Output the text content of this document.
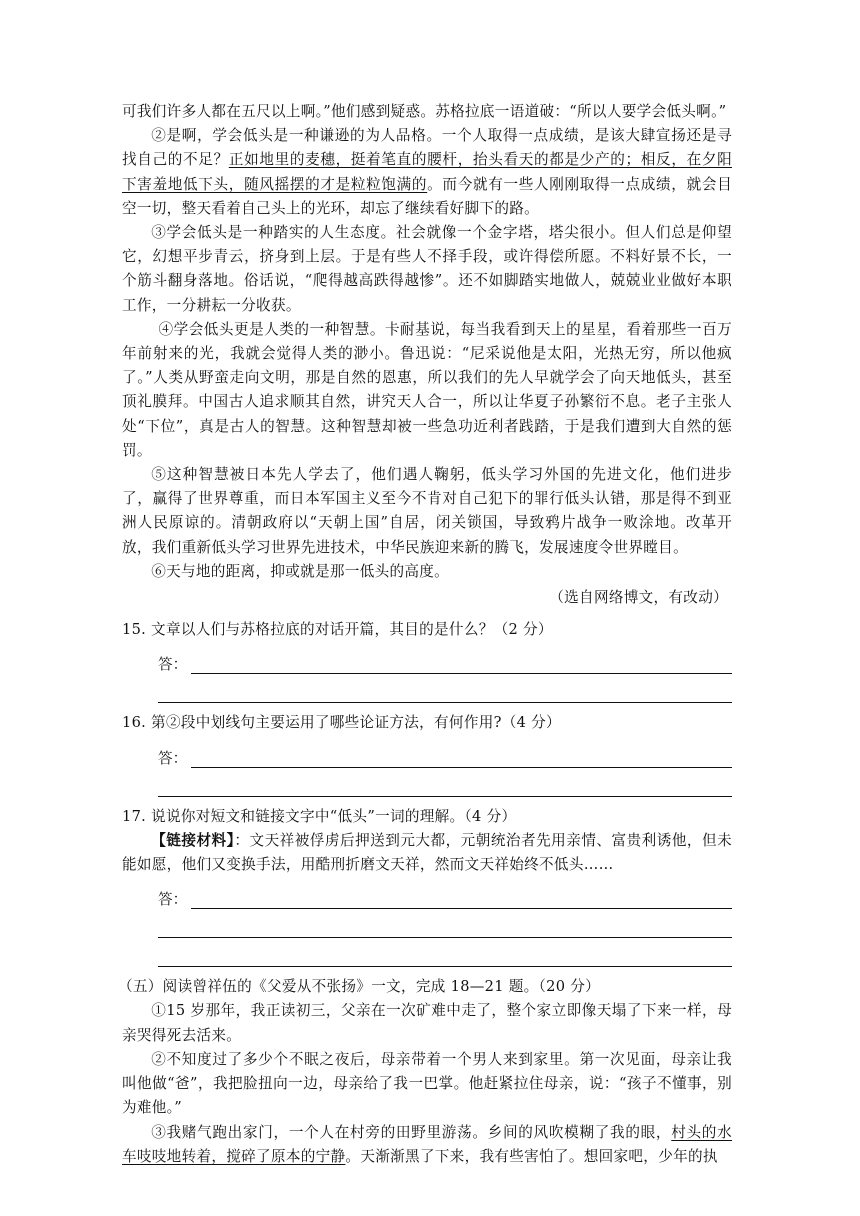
可我们许多人都在五尺以上啊。”他们感到疑惑。苏格拉底一语道破：“所以人要学会低头啊。”

②是啊，学会低头是一种谦逊的为人品格。一个人取得一点成绩，是该大肆宣扬还是寻找自己的不足？正如地里的麦穗，挺着笔直的腰杆，抬头看天的都是少产的；相反，在夕阳下害羞地低下头，随风摇摆的才是粒粒饱满的。而今就有一些人刚刚取得一点成绩，就会目空一切，整天看着自己头上的光环，却忘了继续看好脚下的路。

③学会低头是一种踏实的人生态度。社会就像一个金字塔，塔尖很小。但人们总是仰望它，幻想平步青云，挤身到上层。于是有些人不择手段，或许得偿所愿。不料好景不长，一个筋斗翻身落地。俗话说，“爬得越高跌得越惨”。还不如脚踏实地做人，兢兢业业做好本职工作，一分耕耘一分收获。

④学会低头更是人类的一种智慧。卡耐基说，每当我看到天上的星星，看着那些一百万年前射来的光，我就会觉得人类的渺小。鲁迅说：“尼采说他是太阳，光热无穷，所以他疯了。”人类从野蛮走向文明，那是自然的恩惠，所以我们的先人早就学会了向天地低头，甚至顶礼膜拜。中国古人追求顺其自然，讲究天人合一，所以让华夏子孙繁衍不息。老子主张人处“下位”，真是古人的智慧。这种智慧却被一些急功近利者践踏，于是我们遭到大自然的惩罚。

⑤这种智慧被日本先人学去了，他们遇人鞠躬，低头学习外国的先进文化，他们进步了，赢得了世界尊重，而日本军国主义至今不肯对自己犯下的罪行低头认错，那是得不到亚洲人民原谅的。清朝政府以“天朝上国”自居，闭关锁国，导致鸦片战争一败涂地。改革开放，我们重新低头学习世界先进技术，中华民族迎来新的腾飞，发展速度令世界瞠目。

⑥天与地的距离，抑或就是那一低头的高度。

（选自网络博文，有改动）

15. 文章以人们与苏格拉底的对话开篇，其目的是什么？（2 分）

答：

16. 第②段中划线句主要运用了哪些论证方法，有何作用?（4 分）

答：

17. 说说你对短文和链接文字中“低头”一词的理解。（4 分）

【链接材料】：文天祥被俘虏后押送到元大都，元朝统治者先用亲情、富贵利诱他，但未能如愿，他们又变换手法，用酷刑折磨文天祥，然而文天祥始终不低头……

答：

（五）阅读曾祥伍的《父爱从不张扬》一文，完成 18—21 题。（20 分）

①15 岁那年，我正读初三，父亲在一次矿难中走了，整个家立即像天塌了下来一样，母亲哭得死去活来。

②不知度过了多少个不眠之夜后，母亲带着一个男人来到家里。第一次见面，母亲让我叫他做“爸”，我把脸扭向一边，母亲给了我一巴掌。他赶紧拉住母亲，说：“孩子不懂事，别为难他。”

③我赌气跑出家门，一个人在村旁的田野里游荡。乡间的风吹模糊了我的眼，村头的水车吱吱地转着，搅碎了原本的宁静。天渐渐黑了下来，我有些害怕了。想回家吧，少年的执
